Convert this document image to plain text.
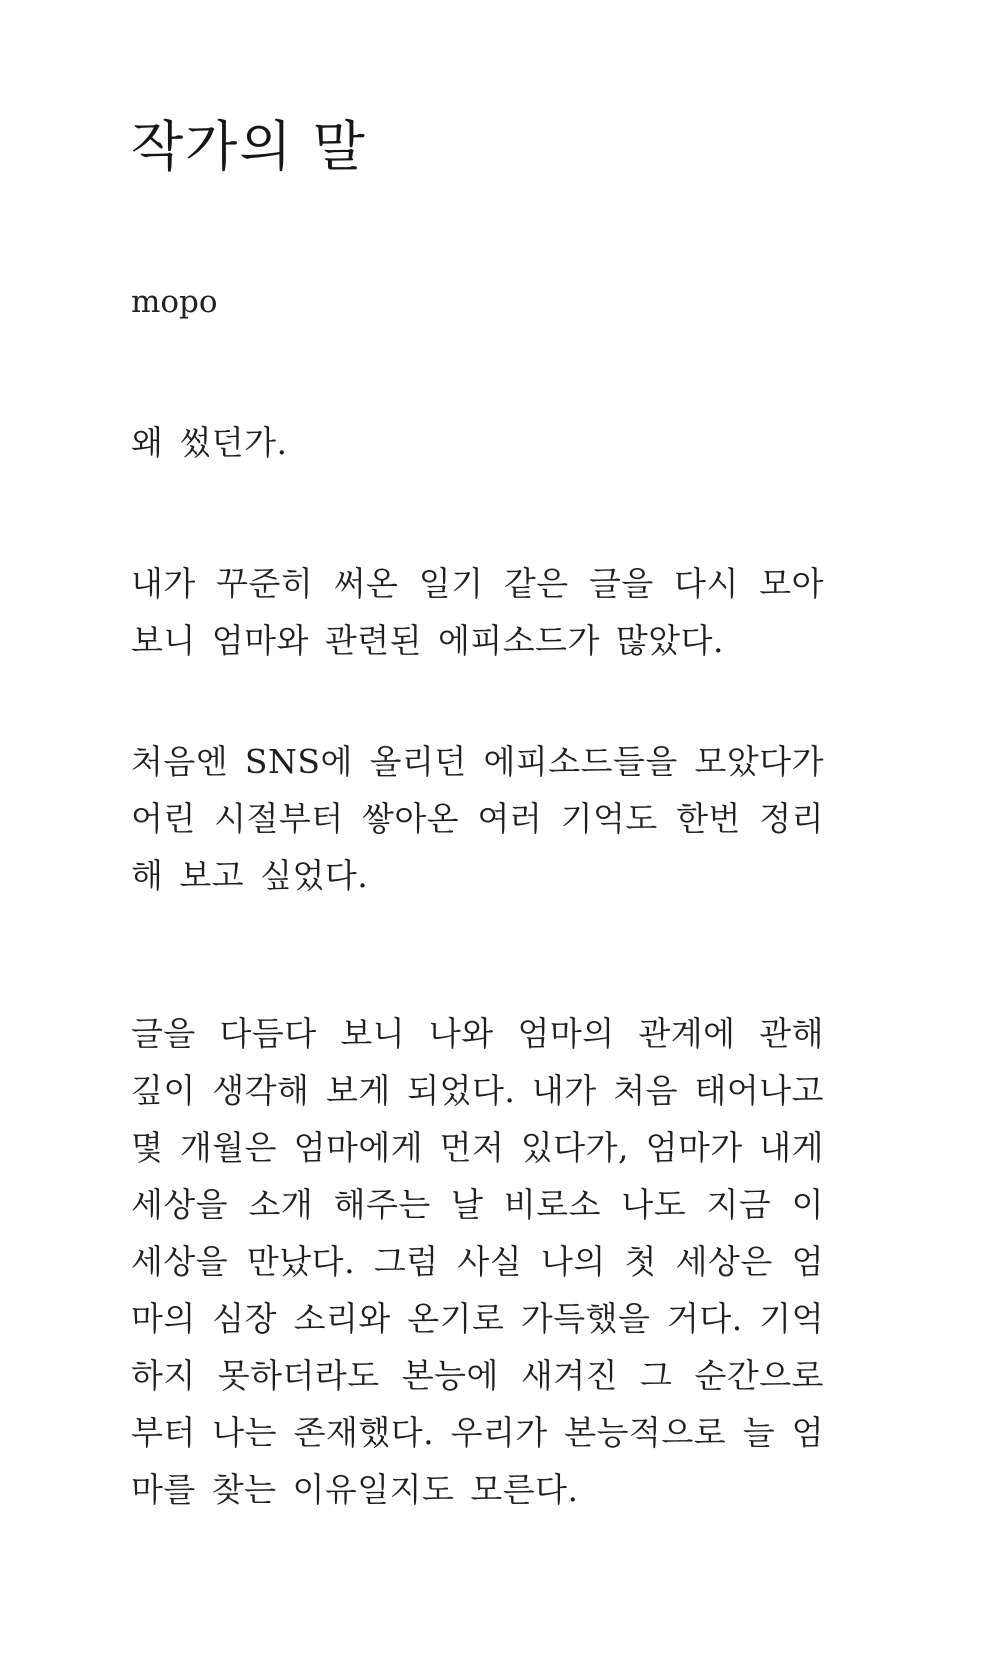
작가의 말

mopo

왜 썼던가.

내가 꾸준히 써온 일기 같은 글을 다시 모아 보니 엄마와 관련된 에피소드가 많았다.

처음엔 SNS에 올리던 에피소드들을 모았다가 어린 시절부터 쌓아온 여러 기억도 한번 정리해 보고 싶었다.

글을 다듬다 보니 나와 엄마의 관계에 관해 깊이 생각해 보게 되었다. 내가 처음 태어나고 몇 개월은 엄마에게 먼저 있다가, 엄마가 내게 세상을 소개 해주는 날 비로소 나도 지금 이 세상을 만났다. 그럼 사실 나의 첫 세상은 엄마의 심장 소리와 온기로 가득했을 거다. 기억하지 못하더라도 본능에 새겨진 그 순간으로부터 나는 존재했다. 우리가 본능적으로 늘 엄마를 찾는 이유일지도 모른다.
